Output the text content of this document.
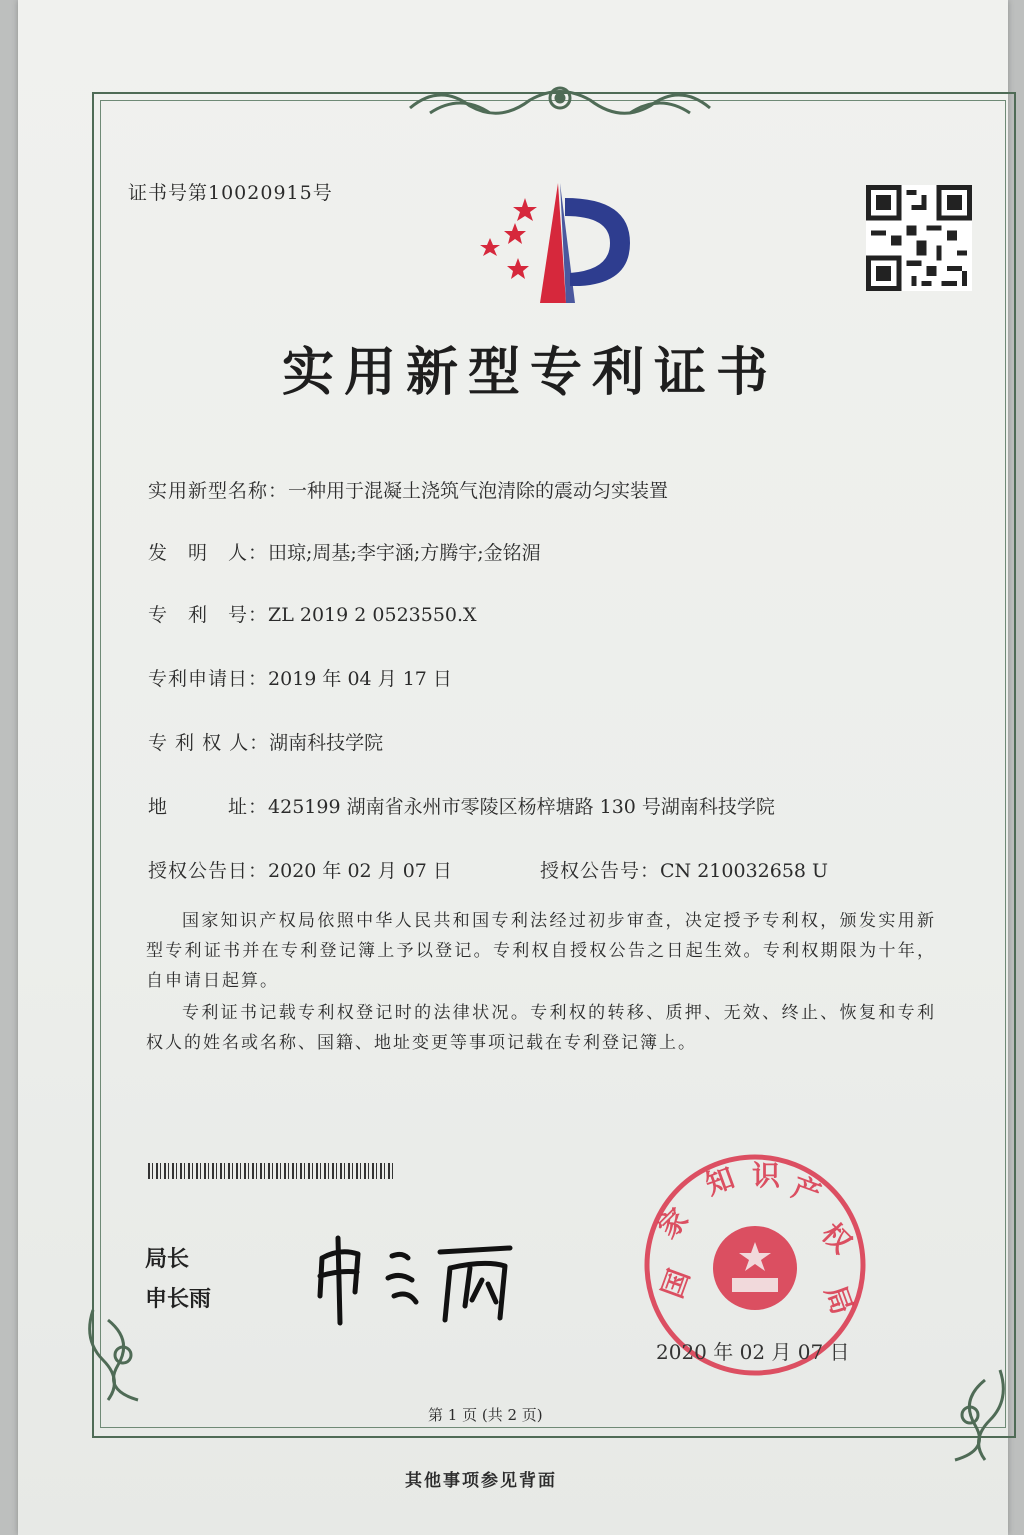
证书号第10020915号
实用新型专利证书
实用新型名称：一种用于混凝土浇筑气泡清除的震动匀实装置
发　明　人：田琼;周基;李宇涵;方腾宇;金铭湄
专　利　号：ZL 2019 2 0523550.X
专利申请日：2019 年 04 月 17 日
专 利 权 人：湖南科技学院
地　　　址：425199 湖南省永州市零陵区杨梓塘路 130 号湖南科技学院
授权公告日：2020 年 02 月 07 日	授权公告号：CN 210032658 U
国家知识产权局依照中华人民共和国专利法经过初步审查，决定授予专利权，颁发实用新型专利证书并在专利登记簿上予以登记。专利权自授权公告之日起生效。专利权期限为十年，自申请日起算。
专利证书记载专利权登记时的法律状况。专利权的转移、质押、无效、终止、恢复和专利权人的姓名或名称、国籍、地址变更等事项记载在专利登记簿上。
局长
申长雨	国
家
知 识 产
权
局
2020 年 02 月 07 日
第 1 页 (共 2 页)
其他事项参见背面
